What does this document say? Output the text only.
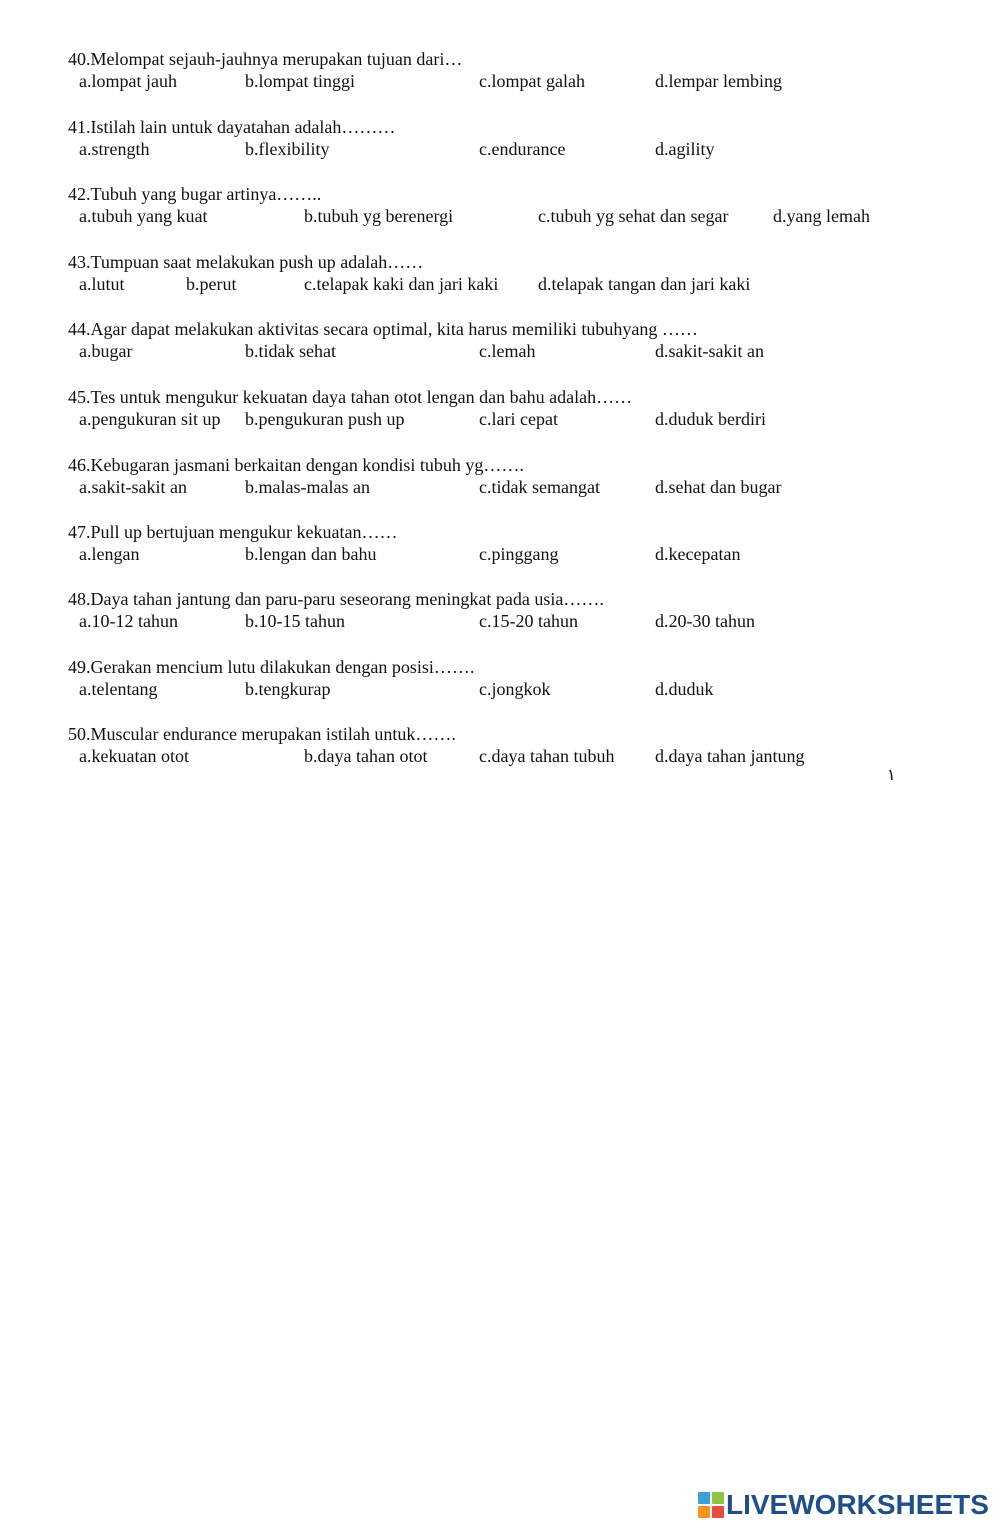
40.Melompat sejauh-jauhnya merupakan tujuan dari…
a.lompat jauh	b.lompat tinggi	c.lompat galah	d.lempar lembing
41.Istilah lain untuk dayatahan adalah………
a.strength	b.flexibility	c.endurance	d.agility
42.Tubuh yang bugar artinya……..
a.tubuh yang kuat	b.tubuh yg berenergi	c.tubuh yg sehat dan segar d.yang lemah
43.Tumpuan saat melakukan push up adalah……
a.lutut	b.perut	c.telapak kaki dan jari kaki d.telapak tangan dan jari kaki
44.Agar dapat melakukan aktivitas secara optimal, kita harus memiliki tubuhyang ……
a.bugar	b.tidak sehat	c.lemah	d.sakit-sakit an
45.Tes untuk mengukur kekuatan daya tahan otot lengan dan bahu adalah……
a.pengukuran sit up b.pengukuran push up	c.lari cepat	d.duduk berdiri
46.Kebugaran jasmani berkaitan dengan kondisi tubuh yg…….
a.sakit-sakit an	b.malas-malas an	c.tidak semangat	d.sehat dan bugar
47.Pull up bertujuan mengukur kekuatan……
a.lengan	b.lengan dan bahu	c.pinggang	d.kecepatan
48.Daya tahan jantung dan paru-paru seseorang meningkat pada usia…….
a.10-12 tahun	b.10-15 tahun	c.15-20 tahun	d.20-30 tahun
49.Gerakan mencium lutu dilakukan dengan posisi…….
a.telentang	b.tengkurap	c.jongkok	d.duduk
50.Muscular endurance merupakan istilah untuk…….
a.kekuatan otot	b.daya tahan otot	c.daya tahan tubuh d.daya tahan jantung
١
LIVEWORKSHEETS
